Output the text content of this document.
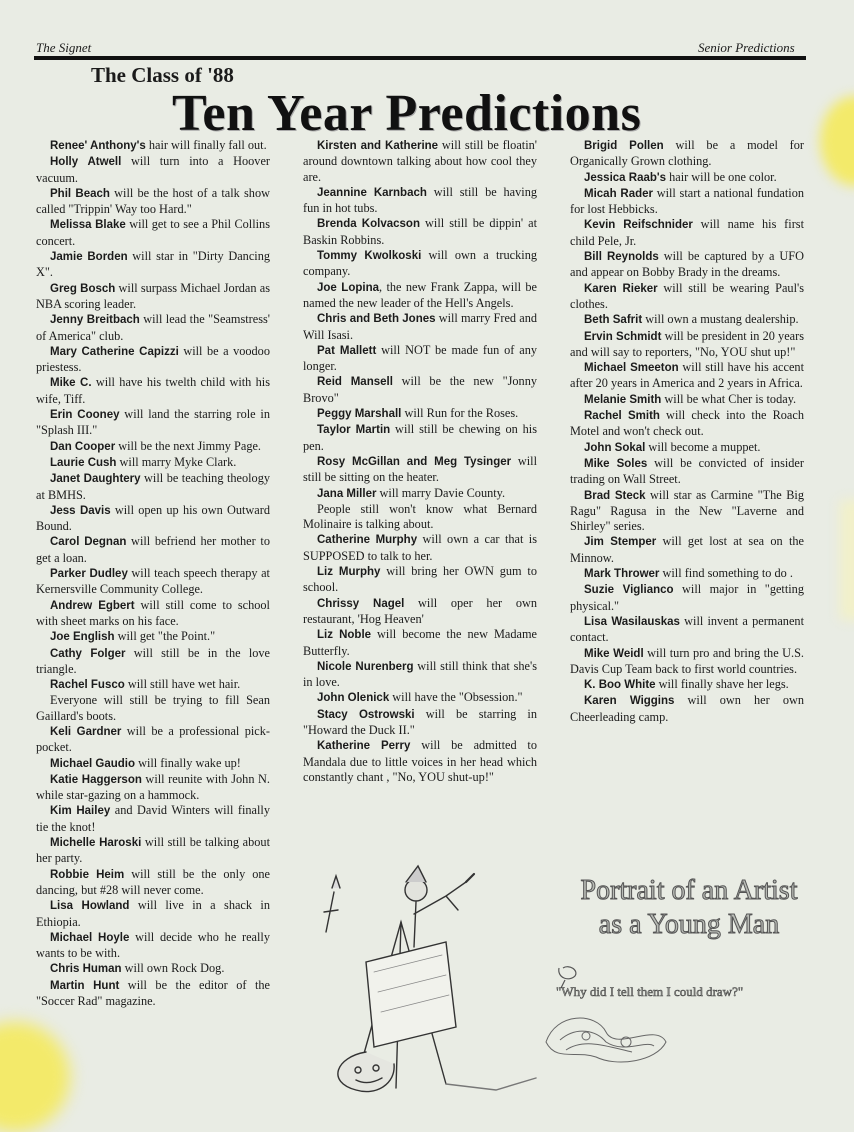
The Signet	Senior Predictions
The Class of '88
Ten Year Predictions

Renee' Anthony's hair will finally fall out.

Holly Atwell will turn into a Hoover vacuum.

Phil Beach will be the host of a talk show called "Trippin' Way too Hard."

Melissa Blake will get to see a Phil Collins concert.

Jamie Borden will star in "Dirty Dancing X".

Greg Bosch will surpass Michael Jordan as NBA scoring leader.

Jenny Breitbach will lead the "Seamstress' of America" club.

Mary Catherine Capizzi will be a voodoo priestess.

Mike C. will have his twelth child with his wife, Tiff.

Erin Cooney will land the starring role in "Splash III."

Dan Cooper will be the next Jimmy Page.

Laurie Cush will marry Myke Clark.

Janet Daughtery will be teaching theology at BMHS.

Jess Davis will open up his own Outward Bound.

Carol Degnan will befriend her mother to get a loan.

Parker Dudley will teach speech therapy at Kernersville Community College.

Andrew Egbert will still come to school with sheet marks on his face.

Joe English will get "the Point."

Cathy Folger will still be in the love triangle.

Rachel Fusco will still have wet hair.

Everyone will still be trying to fill Sean Gaillard's boots.

Keli Gardner will be a professional pick-pocket.

Michael Gaudio will finally wake up!

Katie Haggerson will reunite with John N. while star-gazing on a hammock.

Kim Hailey and David Winters will finally tie the knot!

Michelle Haroski will still be talking about her party.

Robbie Heim will still be the only one dancing, but #28 will never come.

Lisa Howland will live in a shack in Ethiopia.

Michael Hoyle will decide who he really wants to be with.

Chris Human will own Rock Dog.

Martin Hunt will be the editor of the "Soccer Rad" magazine.

Kirsten and Katherine will still be floatin' around downtown talking about how cool they are.

Jeannine Karnbach will still be having fun in hot tubs.

Brenda Kolvacson will still be dippin' at Baskin Robbins.

Tommy Kwolkoski will own a trucking company.

Joe Lopina, the new Frank Zappa, will be named the new leader of the Hell's Angels.

Chris and Beth Jones will marry Fred and Will Isasi.

Pat Mallett will NOT be made fun of any longer.

Reid Mansell will be the new "Jonny Brovo"

Peggy Marshall will Run for the Roses.

Taylor Martin will still be chewing on his pen.

Rosy McGillan and Meg Tysinger will still be sitting on the heater.

Jana Miller will marry Davie County.

People still won't know what Bernard Molinaire is talking about.

Catherine Murphy will own a car that is SUPPOSED to talk to her.

Liz Murphy will bring her OWN gum to school.

Chrissy Nagel will oper her own restaurant, 'Hog Heaven'

Liz Noble will become the new Madame Butterfly.

Nicole Nurenberg will still think that she's in love.

John Olenick will have the "Obsession."

Stacy Ostrowski will be starring in "Howard the Duck II."

Katherine Perry will be admitted to Mandala due to little voices in her head which constantly chant , "No, YOU shut-up!"

Brigid Pollen will be a model for Organically Grown clothing.

Jessica Raab's hair will be one color.

Micah Rader will start a national fundation for lost Hebbicks.

Kevin Reifschnider will name his first child Pele, Jr.

Bill Reynolds will be captured by a UFO and appear on Bobby Brady in the dreams.

Karen Rieker will still be wearing Paul's clothes.

Beth Safrit will own a mustang dealership.

Ervin Schmidt will be president in 20 years and will say to reporters, "No, YOU shut up!"

Michael Smeeton will still have his accent after 20 years in America and 2 years in Africa.

Melanie Smith will be what Cher is today.

Rachel Smith will check into the Roach Motel and won't check out.

John Sokal will become a muppet.

Mike Soles will be convicted of insider trading on Wall Street.

Brad Steck will star as Carmine "The Big Ragu" Ragusa in the New "Laverne and Shirley" series.

Jim Stemper will get lost at sea on the Minnow.

Mark Thrower will find something to do .

Suzie Viglianco will major in "getting physical."

Lisa Wasilauskas will invent a permanent contact.

Mike Weidl will turn pro and bring the U.S. Davis Cup Team back to first world countries.

K. Boo White will finally shave her legs.

Karen Wiggins will own her own Cheerleading camp.

Portrait of an Artist
as a Young Man
"Why did I tell them I could draw?"
